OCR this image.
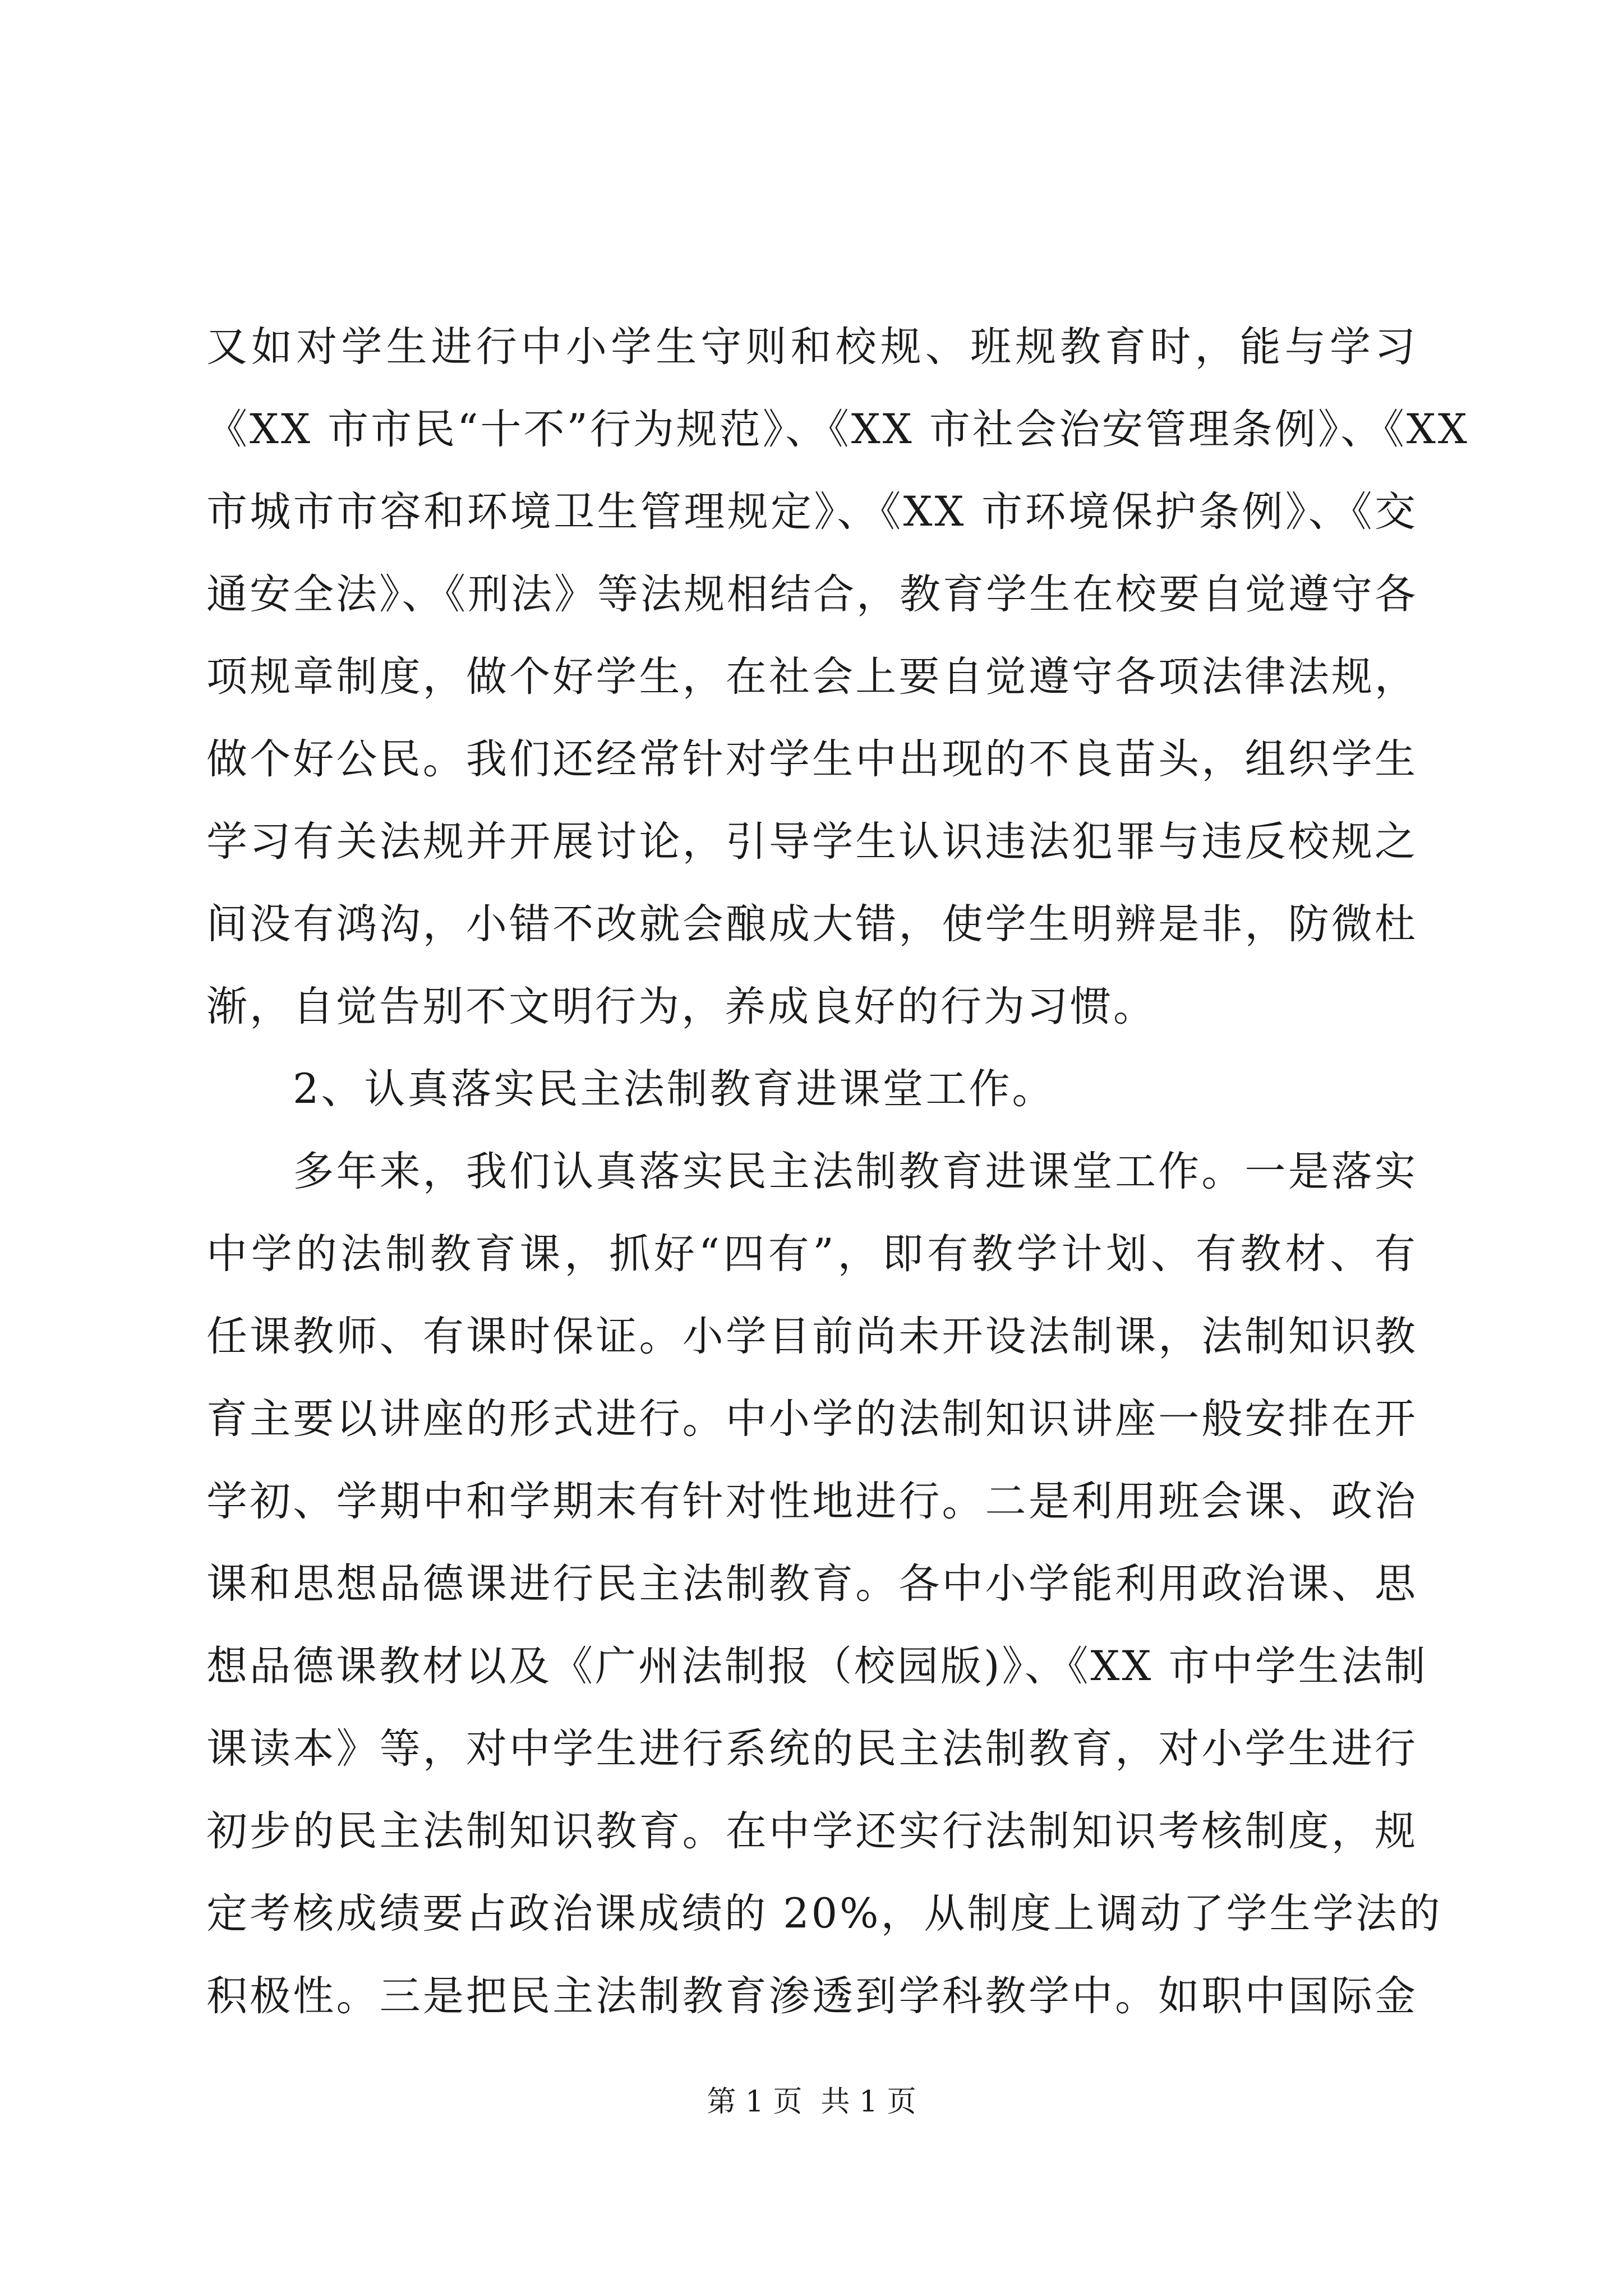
又如对学生进行中小学生守则和校规、班规教育时，能与学习
《XX 市市民“十不”行为规范》、《XX 市社会治安管理条例》、《XX
市城市市容和环境卫生管理规定》、《XX 市环境保护条例》、《交
通安全法》、《刑法》等法规相结合，教育学生在校要自觉遵守各
项规章制度，做个好学生，在社会上要自觉遵守各项法律法规，
做个好公民。我们还经常针对学生中出现的不良苗头，组织学生
学习有关法规并开展讨论，引导学生认识违法犯罪与违反校规之
间没有鸿沟，小错不改就会酿成大错，使学生明辨是非，防微杜
渐，自觉告别不文明行为，养成良好的行为习惯。
　　2、认真落实民主法制教育进课堂工作。
　　多年来，我们认真落实民主法制教育进课堂工作。一是落实
中学的法制教育课，抓好“四有”，即有教学计划、有教材、有
任课教师、有课时保证。小学目前尚未开设法制课，法制知识教
育主要以讲座的形式进行。中小学的法制知识讲座一般安排在开
学初、学期中和学期末有针对性地进行。二是利用班会课、政治
课和思想品德课进行民主法制教育。各中小学能利用政治课、思
想品德课教材以及《广州法制报（校园版)》、《XX 市中学生法制
课读本》等，对中学生进行系统的民主法制教育，对小学生进行
初步的民主法制知识教育。在中学还实行法制知识考核制度，规
定考核成绩要占政治课成绩的 20%，从制度上调动了学生学法的
积极性。三是把民主法制教育渗透到学科教学中。如职中国际金
第 1 页  共 1 页
